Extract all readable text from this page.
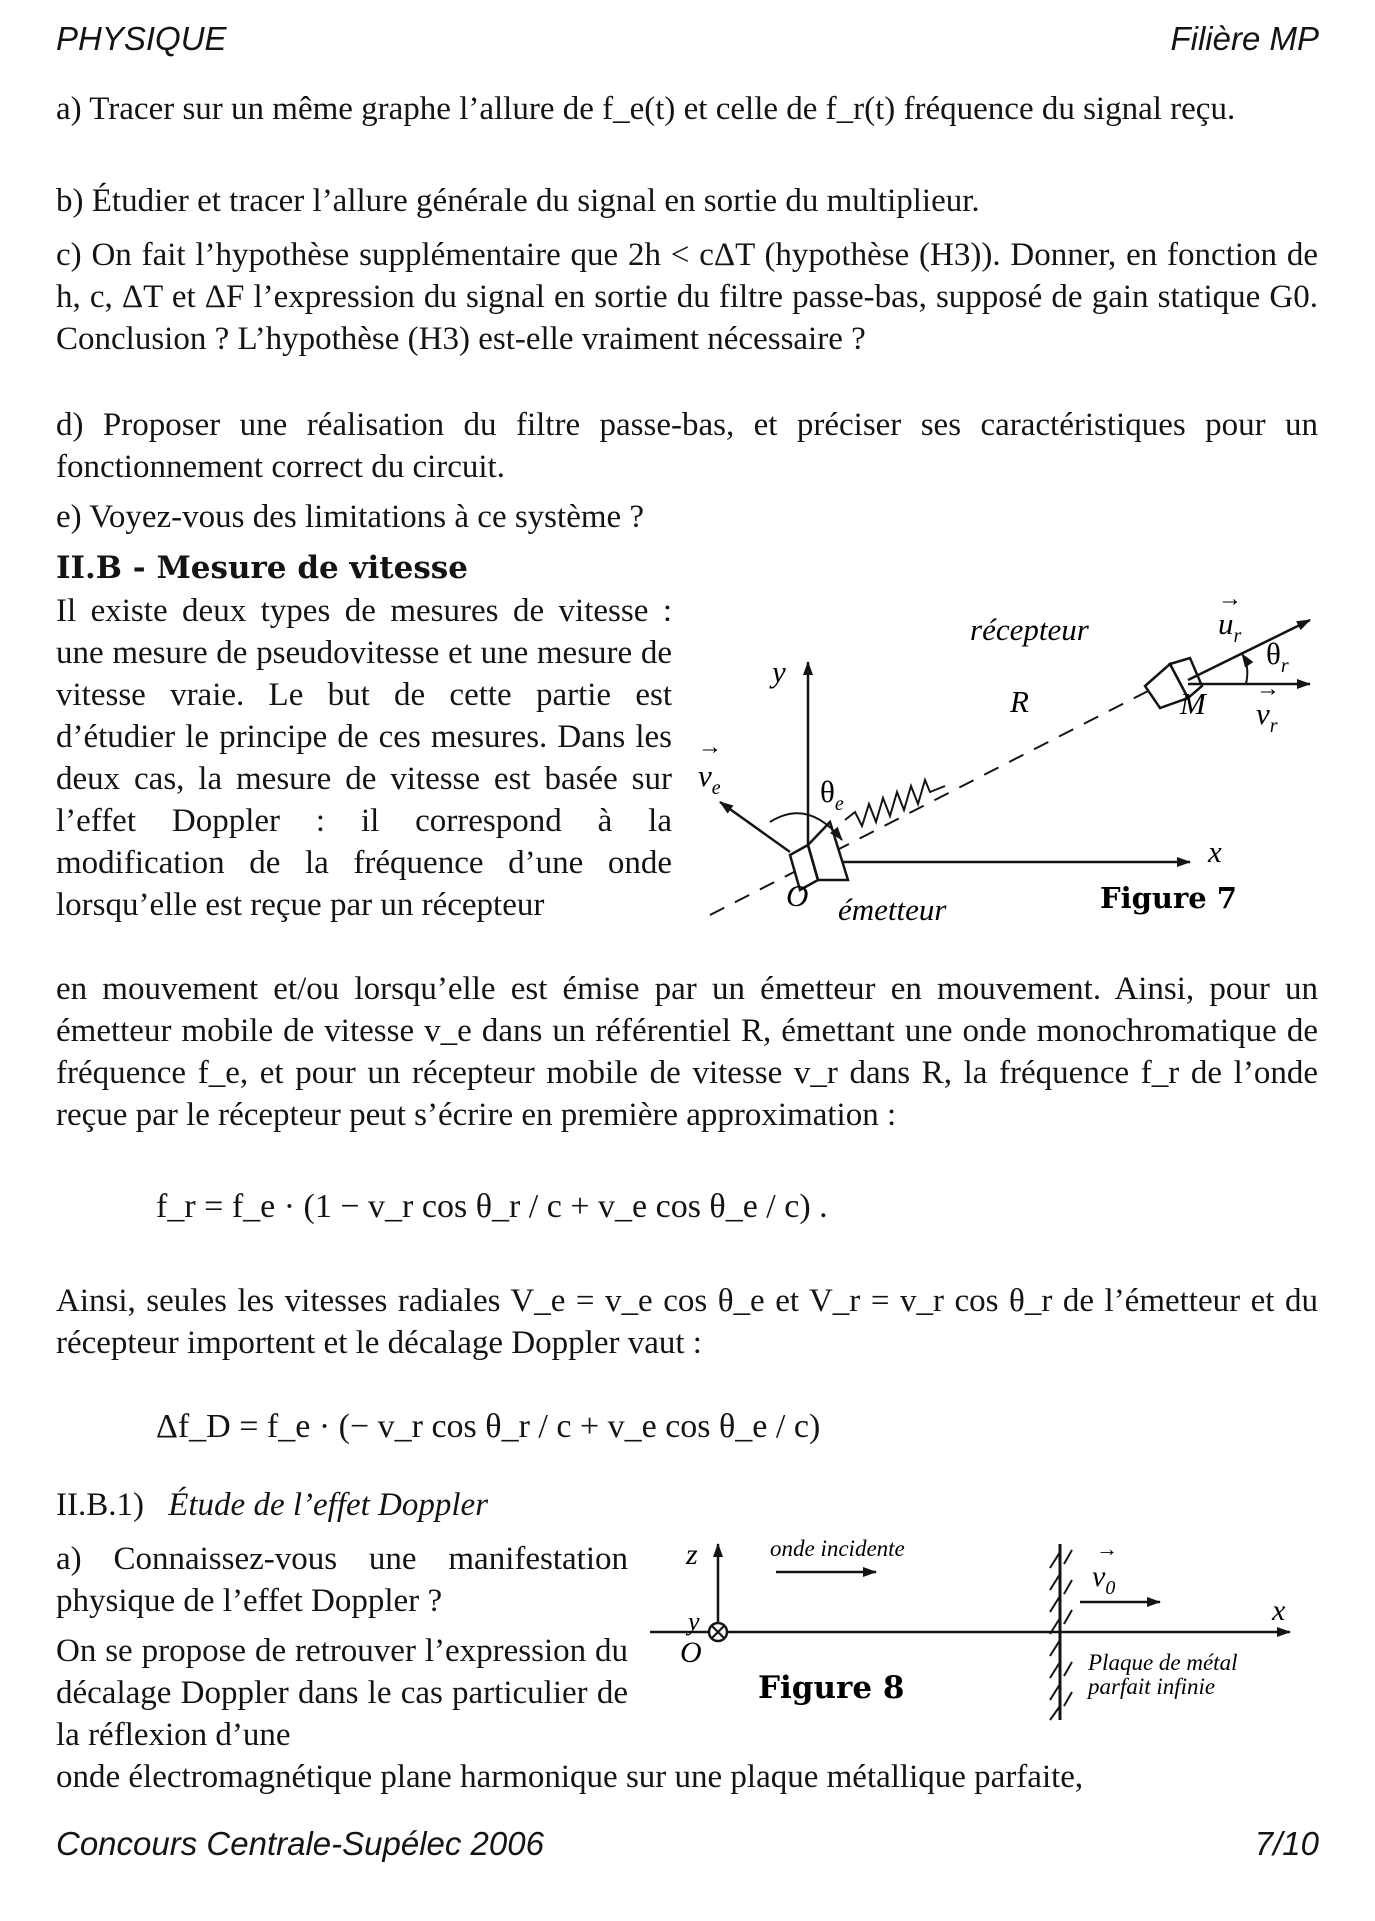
PHYSIQUE	Filière MP
a) Tracer sur un même graphe l’allure de f_e(t) et celle de f_r(t) fréquence du signal reçu.
b) Étudier et tracer l’allure générale du signal en sortie du multiplieur.
c) On fait l’hypothèse supplémentaire que 2h < cΔT (hypothèse (H3)). Donner, en fonction de h, c, ΔT et ΔF l’expression du signal en sortie du filtre passe-bas, supposé de gain statique G0. Conclusion ? L’hypothèse (H3) est-elle vraiment nécessaire ?
d) Proposer une réalisation du filtre passe-bas, et préciser ses caractéristiques pour un fonctionnement correct du circuit.
e) Voyez-vous des limitations à ce système ?
II.B - Mesure de vitesse
Il existe deux types de mesures de vitesse : une mesure de pseudovitesse et une mesure de vitesse vraie. Le but de cette partie est d’étudier le principe de ces mesures. Dans les deux cas, la mesure de vitesse est basée sur l’effet Doppler : il correspond à la modification de la fréquence d’une onde lorsqu’elle est reçue par un récepteur
récepteur
R
y
x
O émetteur
M
$v_e$
→
$\theta_e$
$u_r$
→
$v_r$
→
$\theta_r$
Figure 7
en mouvement et/ou lorsqu’elle est émise par un émetteur en mouvement. Ainsi, pour un émetteur mobile de vitesse v_e dans un référentiel R, émettant une onde monochromatique de fréquence f_e, et pour un récepteur mobile de vitesse v_r dans R, la fréquence f_r de l’onde reçue par le récepteur peut s’écrire en première approximation :
f_r = f_e · (1 − v_r cos θ_r / c + v_e cos θ_e / c) .
Ainsi, seules les vitesses radiales V_e = v_e cos θ_e et V_r = v_r cos θ_r de l’émetteur et du récepteur importent et le décalage Doppler vaut :
Δf_D = f_e · (− v_r cos θ_r / c + v_e cos θ_e / c)
II.B.1) Étude de l’effet Doppler
a) Connaissez-vous une manifestation physique de l’effet Doppler ?
On se propose de retrouver l’expression du décalage Doppler dans le cas particulier de la réflexion d’une
onde électromagnétique plane harmonique sur une plaque métallique parfaite,
z
y
O
x
onde incidente
$v_0$
→
Plaque de métal
parfait infinie
Figure 8
Concours Centrale-Supélec 2006	7/10
